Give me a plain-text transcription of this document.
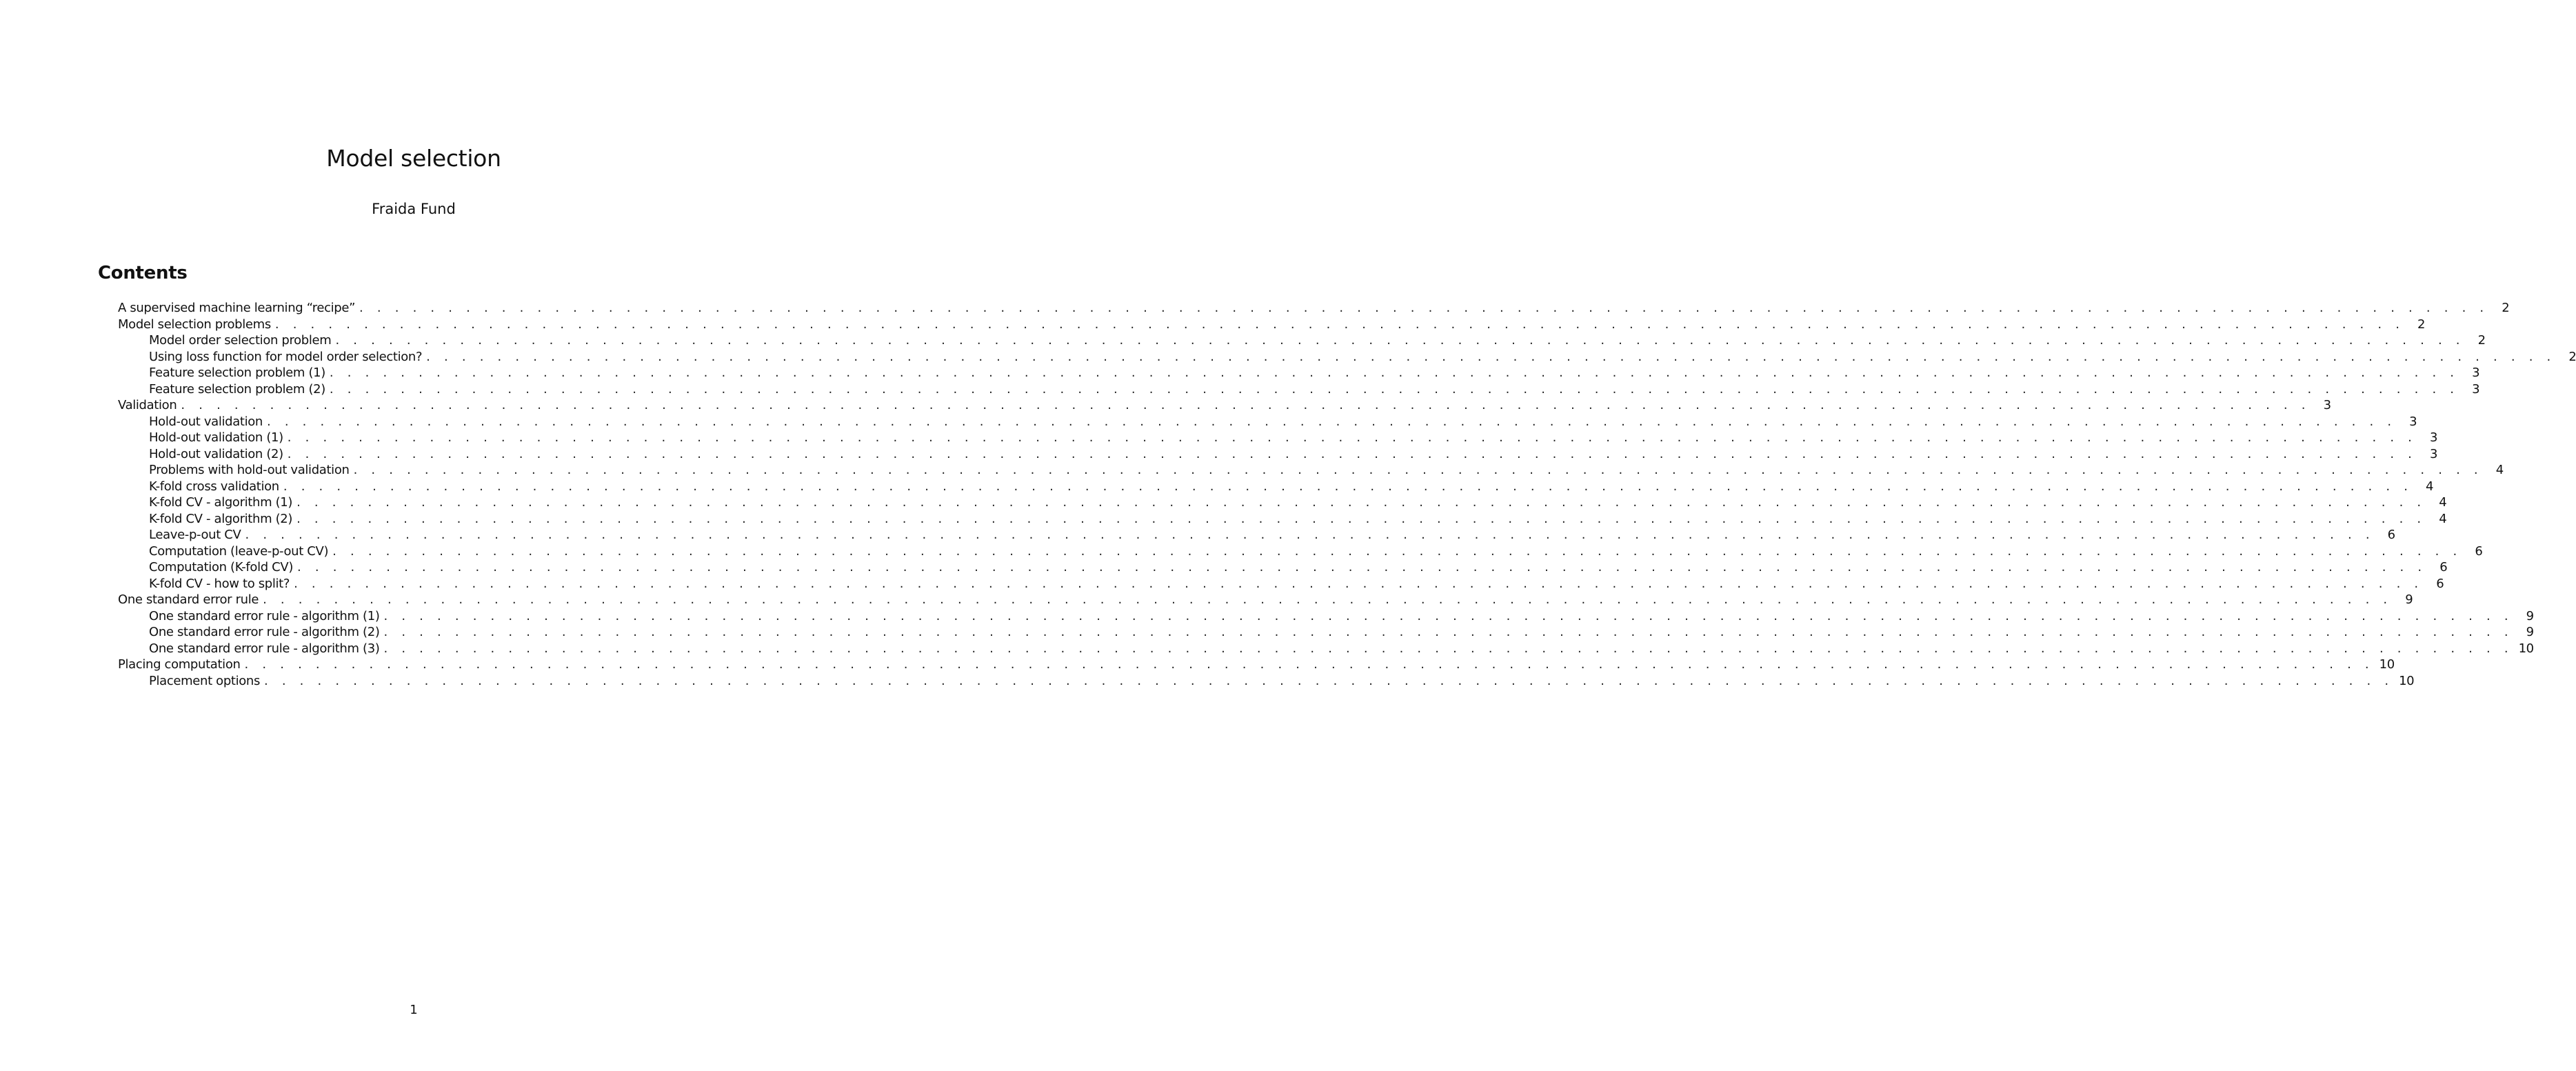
Model selection

Fraida Fund

Contents
A supervised machine learning “recipe” . . . . . . . . . . . . . . . . . . . . . . . . . . . . . . . . . . . . . . . . . . . . . . . . . . . . . . . . . . . . . . . . . . . . . . . . . . . . . . . . . . . . . . . . . . . . . . . . . . . . . . . . . . . . . . . . . . . . . . . .	2
Model selection problems . . . . . . . . . . . . . . . . . . . . . . . . . . . . . . . . . . . . . . . . . . . . . . . . . . . . . . . . . . . . . . . . . . . . . . . . . . . . . . . . . . . . . . . . . . . . . . . . . . . . . . . . . . . . . . . . . . . . . . . .	2
Model order selection problem . . . . . . . . . . . . . . . . . . . . . . . . . . . . . . . . . . . . . . . . . . . . . . . . . . . . . . . . . . . . . . . . . . . . . . . . . . . . . . . . . . . . . . . . . . . . . . . . . . . . . . . . . . . . . . . . . . . . . . . .	2
Using loss function for model order selection? . . . . . . . . . . . . . . . . . . . . . . . . . . . . . . . . . . . . . . . . . . . . . . . . . . . . . . . . . . . . . . . . . . . . . . . . . . . . . . . . . . . . . . . . . . . . . . . . . . . . . . . . . . . . . . . . . . . . . . . .	2
Feature selection problem (1) . . . . . . . . . . . . . . . . . . . . . . . . . . . . . . . . . . . . . . . . . . . . . . . . . . . . . . . . . . . . . . . . . . . . . . . . . . . . . . . . . . . . . . . . . . . . . . . . . . . . . . . . . . . . . . . . . . . . . . . .	3
Feature selection problem (2) . . . . . . . . . . . . . . . . . . . . . . . . . . . . . . . . . . . . . . . . . . . . . . . . . . . . . . . . . . . . . . . . . . . . . . . . . . . . . . . . . . . . . . . . . . . . . . . . . . . . . . . . . . . . . . . . . . . . . . . .	3
Validation . . . . . . . . . . . . . . . . . . . . . . . . . . . . . . . . . . . . . . . . . . . . . . . . . . . . . . . . . . . . . . . . . . . . . . . . . . . . . . . . . . . . . . . . . . . . . . . . . . . . . . . . . . . . . . . . . . . . . . . .	3
Hold-out validation . . . . . . . . . . . . . . . . . . . . . . . . . . . . . . . . . . . . . . . . . . . . . . . . . . . . . . . . . . . . . . . . . . . . . . . . . . . . . . . . . . . . . . . . . . . . . . . . . . . . . . . . . . . . . . . . . . . . . . . .	3
Hold-out validation (1) . . . . . . . . . . . . . . . . . . . . . . . . . . . . . . . . . . . . . . . . . . . . . . . . . . . . . . . . . . . . . . . . . . . . . . . . . . . . . . . . . . . . . . . . . . . . . . . . . . . . . . . . . . . . . . . . . . . . . . . .	3
Hold-out validation (2) . . . . . . . . . . . . . . . . . . . . . . . . . . . . . . . . . . . . . . . . . . . . . . . . . . . . . . . . . . . . . . . . . . . . . . . . . . . . . . . . . . . . . . . . . . . . . . . . . . . . . . . . . . . . . . . . . . . . . . . .	3
Problems with hold-out validation . . . . . . . . . . . . . . . . . . . . . . . . . . . . . . . . . . . . . . . . . . . . . . . . . . . . . . . . . . . . . . . . . . . . . . . . . . . . . . . . . . . . . . . . . . . . . . . . . . . . . . . . . . . . . . . . . . . . . . . .	4
K-fold cross validation . . . . . . . . . . . . . . . . . . . . . . . . . . . . . . . . . . . . . . . . . . . . . . . . . . . . . . . . . . . . . . . . . . . . . . . . . . . . . . . . . . . . . . . . . . . . . . . . . . . . . . . . . . . . . . . . . . . . . . . .	4
K-fold CV - algorithm (1) . . . . . . . . . . . . . . . . . . . . . . . . . . . . . . . . . . . . . . . . . . . . . . . . . . . . . . . . . . . . . . . . . . . . . . . . . . . . . . . . . . . . . . . . . . . . . . . . . . . . . . . . . . . . . . . . . . . . . . . .	4
K-fold CV - algorithm (2) . . . . . . . . . . . . . . . . . . . . . . . . . . . . . . . . . . . . . . . . . . . . . . . . . . . . . . . . . . . . . . . . . . . . . . . . . . . . . . . . . . . . . . . . . . . . . . . . . . . . . . . . . . . . . . . . . . . . . . . .	4
Leave-p-out CV . . . . . . . . . . . . . . . . . . . . . . . . . . . . . . . . . . . . . . . . . . . . . . . . . . . . . . . . . . . . . . . . . . . . . . . . . . . . . . . . . . . . . . . . . . . . . . . . . . . . . . . . . . . . . . . . . . . . . . . .	6
Computation (leave-p-out CV) . . . . . . . . . . . . . . . . . . . . . . . . . . . . . . . . . . . . . . . . . . . . . . . . . . . . . . . . . . . . . . . . . . . . . . . . . . . . . . . . . . . . . . . . . . . . . . . . . . . . . . . . . . . . . . . . . . . . . . . .	6
Computation (K-fold CV) . . . . . . . . . . . . . . . . . . . . . . . . . . . . . . . . . . . . . . . . . . . . . . . . . . . . . . . . . . . . . . . . . . . . . . . . . . . . . . . . . . . . . . . . . . . . . . . . . . . . . . . . . . . . . . . . . . . . . . . .	6
K-fold CV - how to split? . . . . . . . . . . . . . . . . . . . . . . . . . . . . . . . . . . . . . . . . . . . . . . . . . . . . . . . . . . . . . . . . . . . . . . . . . . . . . . . . . . . . . . . . . . . . . . . . . . . . . . . . . . . . . . . . . . . . . . . .	6
One standard error rule . . . . . . . . . . . . . . . . . . . . . . . . . . . . . . . . . . . . . . . . . . . . . . . . . . . . . . . . . . . . . . . . . . . . . . . . . . . . . . . . . . . . . . . . . . . . . . . . . . . . . . . . . . . . . . . . . . . . . . . .	9
One standard error rule - algorithm (1) . . . . . . . . . . . . . . . . . . . . . . . . . . . . . . . . . . . . . . . . . . . . . . . . . . . . . . . . . . . . . . . . . . . . . . . . . . . . . . . . . . . . . . . . . . . . . . . . . . . . . . . . . . . . . . . . . . . . . . . .	9
One standard error rule - algorithm (2) . . . . . . . . . . . . . . . . . . . . . . . . . . . . . . . . . . . . . . . . . . . . . . . . . . . . . . . . . . . . . . . . . . . . . . . . . . . . . . . . . . . . . . . . . . . . . . . . . . . . . . . . . . . . . . . . . . . . . . . .	9
One standard error rule - algorithm (3) . . . . . . . . . . . . . . . . . . . . . . . . . . . . . . . . . . . . . . . . . . . . . . . . . . . . . . . . . . . . . . . . . . . . . . . . . . . . . . . . . . . . . . . . . . . . . . . . . . . . . . . . . . . . . . . . . . . . . . . . 10
Placing computation . . . . . . . . . . . . . . . . . . . . . . . . . . . . . . . . . . . . . . . . . . . . . . . . . . . . . . . . . . . . . . . . . . . . . . . . . . . . . . . . . . . . . . . . . . . . . . . . . . . . . . . . . . . . . . . . . . . . . . . . 10
Placement options . . . . . . . . . . . . . . . . . . . . . . . . . . . . . . . . . . . . . . . . . . . . . . . . . . . . . . . . . . . . . . . . . . . . . . . . . . . . . . . . . . . . . . . . . . . . . . . . . . . . . . . . . . . . . . . . . . . . . . . . 10

1
